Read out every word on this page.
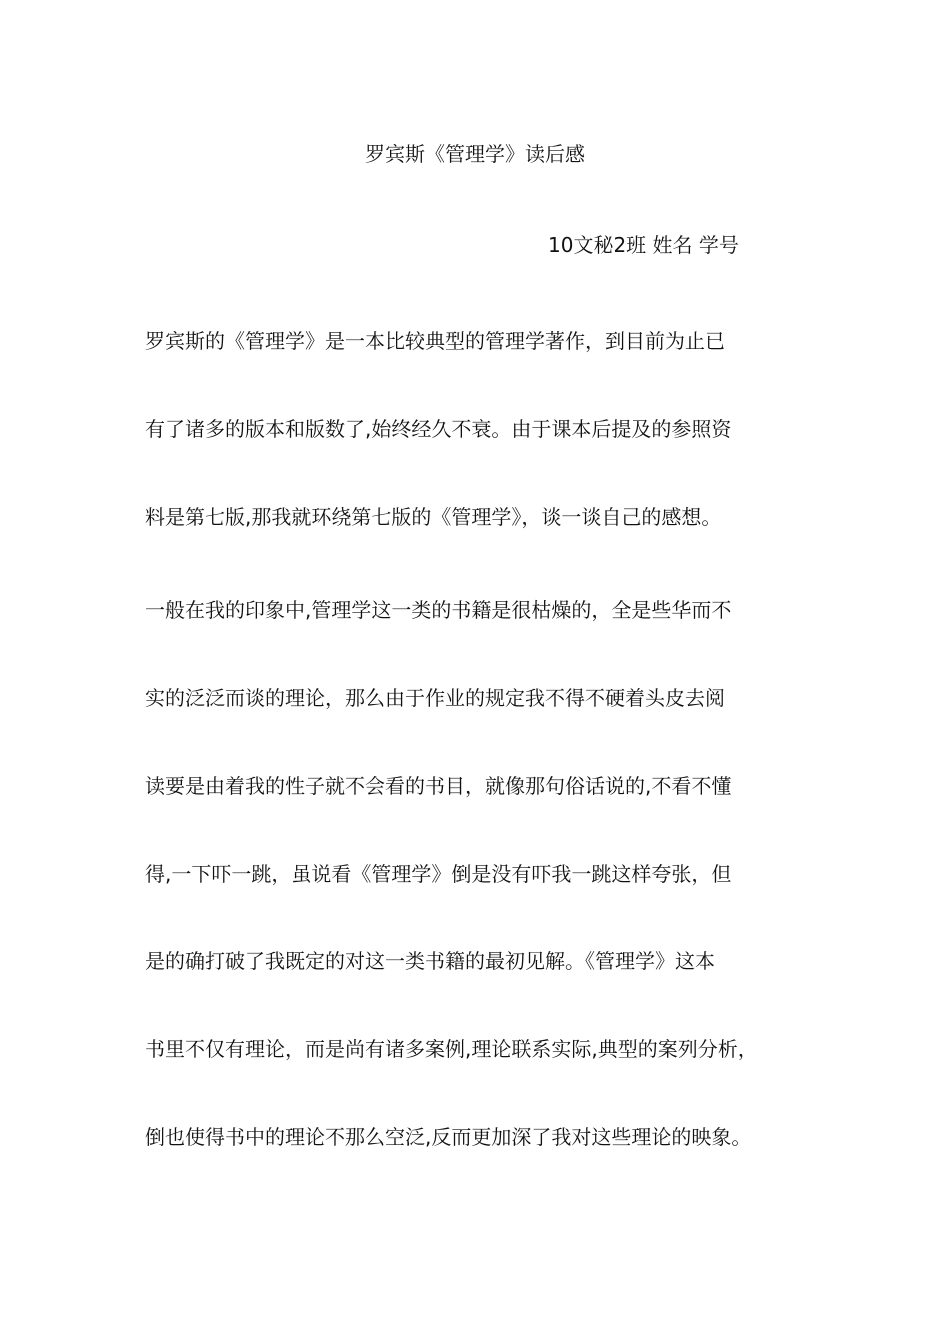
罗宾斯《管理学》读后感
10文秘2班 姓名 学号
罗宾斯的《管理学》是一本比较典型的管理学著作，到目前为止已
有了诸多的版本和版数了,始终经久不衰。由于课本后提及的参照资
料是第七版,那我就环绕第七版的《管理学》，谈一谈自己的感想。
一般在我的印象中,管理学这一类的书籍是很枯燥的，全是些华而不
实的泛泛而谈的理论，那么由于作业的规定我不得不硬着头皮去阅
读要是由着我的性子就不会看的书目，就像那句俗话说的,不看不懂
得,一下吓一跳，虽说看《管理学》倒是没有吓我一跳这样夸张，但
是的确打破了我既定的对这一类书籍的最初见解。《管理学》这本
书里不仅有理论，而是尚有诸多案例,理论联系实际,典型的案列分析，
倒也使得书中的理论不那么空泛,反而更加深了我对这些理论的映象。
